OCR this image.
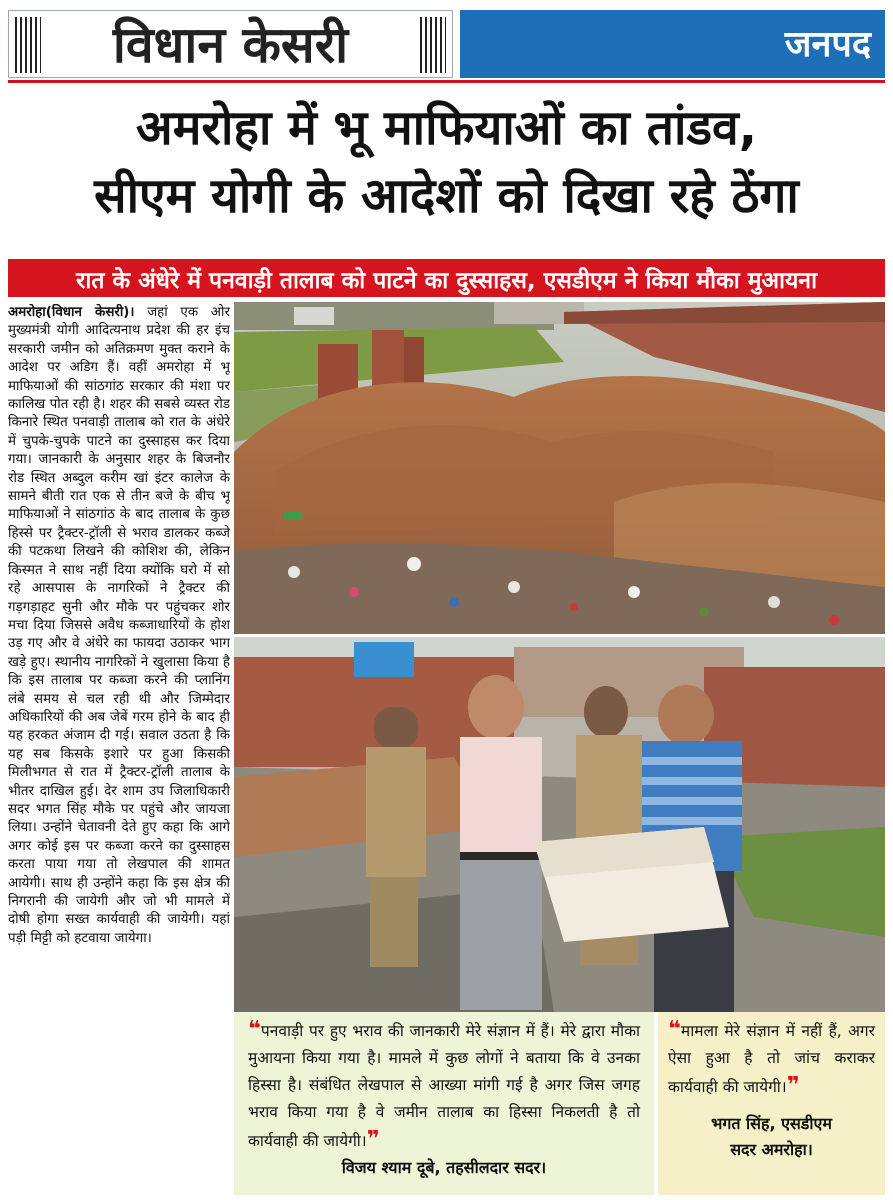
विधान केसरी	जनपद
अमरोहा में भू माफियाओं का तांडव,
सीएम योगी के आदेशों को दिखा रहे ठेंगा
रात के अंधेरे में पनवाड़ी तालाब को पाटने का दुस्साहस, एसडीएम ने किया मौका मुआयना
अमरोहा(विधान केसरी)। जहां एक ओर मुख्यमंत्री योगी आदित्यनाथ प्रदेश की हर इंच सरकारी जमीन को अतिक्रमण मुक्त कराने के आदेश पर अडिग हैं। वहीं अमरोहा में भू माफियाओं की सांठगांठ सरकार की मंशा पर कालिख पोत रही है। शहर की सबसे व्यस्त रोड किनारे स्थित पनवाड़ी तालाब को रात के अंधेरे में चुपके-चुपके पाटने का दुस्साहस कर दिया गया। जानकारी के अनुसार शहर के बिजनौर रोड स्थित अब्दुल करीम खां इंटर कालेज के सामने बीती रात एक से तीन बजे के बीच भू माफियाओं ने सांठगांठ के बाद तालाब के कुछ हिस्से पर ट्रैक्टर-ट्रॉली से भराव डालकर कब्जे की पटकथा लिखने की कोशिश की, लेकिन किस्मत ने साथ नहीं दिया क्योंकि घरो में सो रहे आसपास के नागरिकों ने ट्रैक्टर की गड़गड़ाहट सुनी और मौके पर पहुंचकर शोर मचा दिया जिससे अवैध कब्जाधारियों के होश उड़ गए और वे अंधेरे का फायदा उठाकर भाग खड़े हुए। स्थानीय नागरिकों ने खुलासा किया है कि इस तालाब पर कब्जा करने की प्लानिंग लंबे समय से चल रही थी और जिम्मेदार अधिकारियों की अब जेबें गरम होने के बाद ही यह हरकत अंजाम दी गई। सवाल उठता है कि यह सब किसके इशारे पर हुआ किसकी मिलीभगत से रात में ट्रैक्टर-ट्रॉली तालाब के भीतर दाखिल हुई। देर शाम उप जिलाधिकारी सदर भगत सिंह मौके पर पहुंचे और जायजा लिया। उन्होंने चेतावनी देते हुए कहा कि आगे अगर कोई इस पर कब्जा करने का दुस्साहस करता पाया गया तो लेखपाल की शामत आयेगी। साथ ही उन्होंने कहा कि इस क्षेत्र की निगरानी की जायेगी और जो भी मामले में दोषी होगा सख्त कार्यवाही की जायेगी। यहां पड़ी मिट्टी को हटवाया जायेगा।
❝पनवाड़ी पर हुए भराव की जानकारी मेरे संज्ञान में हैं। मेरे द्वारा मौका मुआयना किया गया है। मामले में कुछ लोगों ने बताया कि वे उनका हिस्सा है। संबंधित लेखपाल से आख्या मांगी गई है अगर जिस जगह भराव किया गया है वे जमीन तालाब का हिस्सा निकलती है तो कार्यवाही की जायेगी।❞
विजय श्याम दूबे, तहसीलदार सदर।
❝मामला मेरे संज्ञान में नहीं हैं, अगर ऐसा हुआ है तो जांच कराकर कार्यवाही की जायेगी।❞
भगत सिंह, एसडीएम
सदर अमरोहा।
